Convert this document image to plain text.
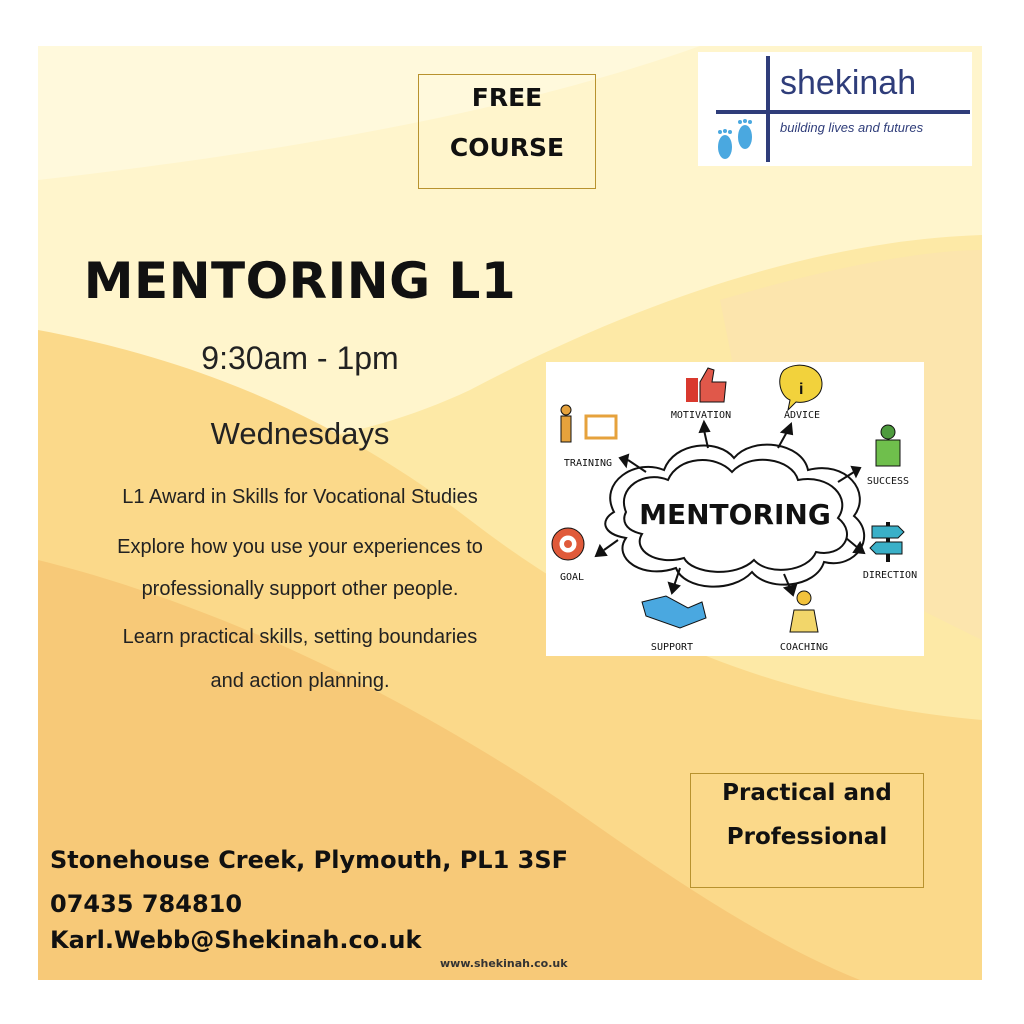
FREE
COURSE
shekinah
building lives and futures
MENTORING L1
9:30am - 1pm
Wednesdays
L1 Award in Skills for Vocational Studies
Explore how you use your experiences to
professionally support other people.
Learn practical skills, setting boundaries
and action planning.
MENTORING
MOTIVATION	ADVICE
TRAINING
SUCCESS
GOAL	DIRECTION
SUPPORT	COACHING
i
Practical and
Professional
Stonehouse Creek, Plymouth, PL1 3SF
07435 784810
Karl.Webb@Shekinah.co.uk
www.shekinah.co.uk
